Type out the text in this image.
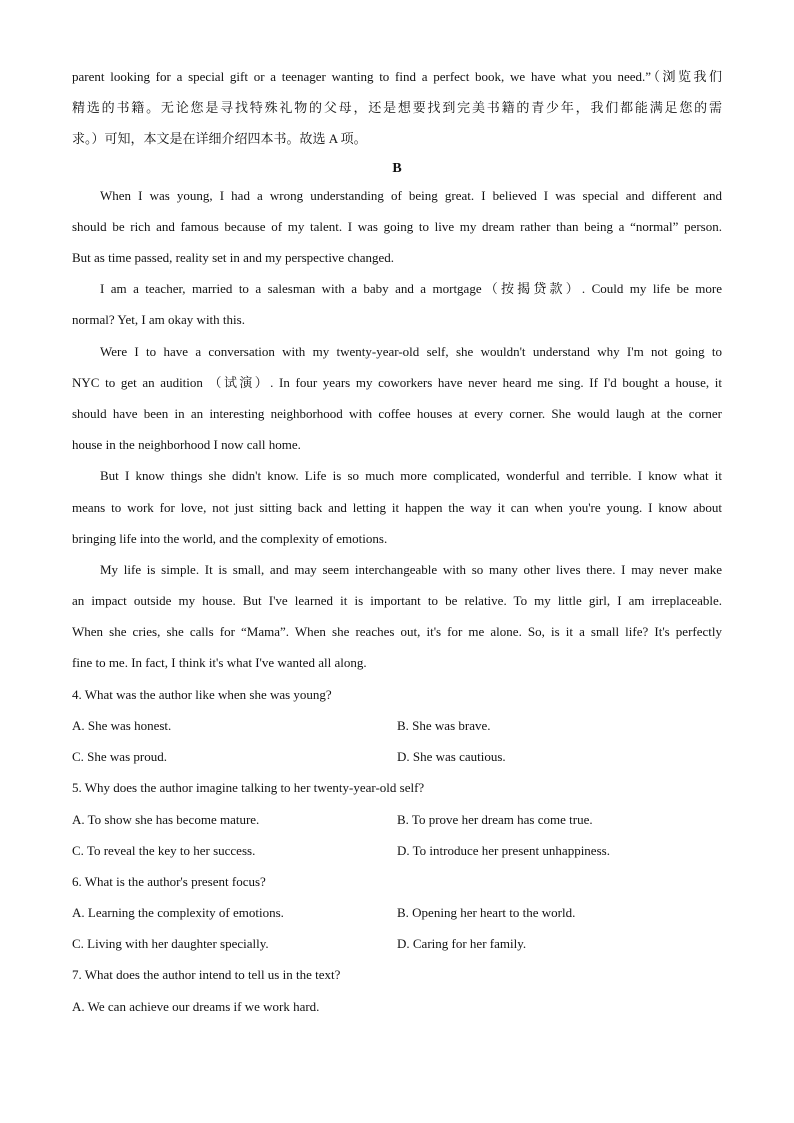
parent looking for a special gift or a teenager wanting to find a perfect book, we have what you need.”（浏览我们
精选的书籍。无论您是寻找特殊礼物的父母，还是想要找到完美书籍的青少年，我们都能满足您的需
求。）可知，本文是在详细介绍四本书。故选 A 项。
B
When I was young, I had a wrong understanding of being great. I believed I was special and different and
should be rich and famous because of my talent. I was going to live my dream rather than being a “normal” person.
But as time passed, reality set in and my perspective changed.
I am a teacher, married to a salesman with a baby and a mortgage（按揭贷款）. Could my life be more
normal? Yet, I am okay with this.
Were I to have a conversation with my twenty-year-old self, she wouldn't understand why I'm not going to
NYC to get an audition （试演）. In four years my coworkers have never heard me sing. If I'd bought a house, it
should have been in an interesting neighborhood with coffee houses at every corner. She would laugh at the corner
house in the neighborhood I now call home.
But I know things she didn't know. Life is so much more complicated, wonderful and terrible. I know what it
means to work for love, not just sitting back and letting it happen the way it can when you're young. I know about
bringing life into the world, and the complexity of emotions.
My life is simple. It is small, and may seem interchangeable with so many other lives there. I may never make
an impact outside my house. But I've learned it is important to be relative. To my little girl, I am irreplaceable.
When she cries, she calls for “Mama”. When she reaches out, it's for me alone. So, is it a small life? It's perfectly
fine to me. In fact, I think it's what I've wanted all along.
4. What was the author like when she was young?
A. She was honest.	B. She was brave.
C. She was proud.	D. She was cautious.
5. Why does the author imagine talking to her twenty-year-old self?
A. To show she has become mature.	B. To prove her dream has come true.
C. To reveal the key to her success.	D. To introduce her present unhappiness.
6. What is the author's present focus?
A. Learning the complexity of emotions.	B. Opening her heart to the world.
C. Living with her daughter specially.	D. Caring for her family.
7. What does the author intend to tell us in the text?
A. We can achieve our dreams if we work hard.
